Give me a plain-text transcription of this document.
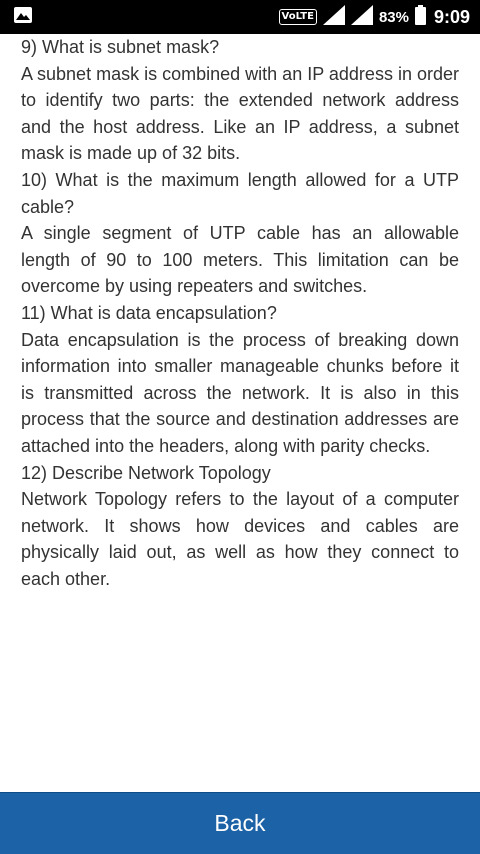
VoLTE	83% 9:09

9) What is subnet mask?

A subnet mask is combined with an IP address in order to identify two parts: the extended network address and the host address. Like an IP address, a subnet mask is made up of 32 bits.

10) What is the maximum length allowed for a UTP cable?

A single segment of UTP cable has an allowable length of 90 to 100 meters. This limitation can be overcome by using repeaters and switches.

11) What is data encapsulation?

Data encapsulation is the process of breaking down information into smaller manageable chunks before it is transmitted across the network. It is also in this process that the source and destination addresses are attached into the headers, along with parity checks.

12) Describe Network Topology

Network Topology refers to the layout of a computer network. It shows how devices and cables are physically laid out, as well as how they connect to each other.

Back
